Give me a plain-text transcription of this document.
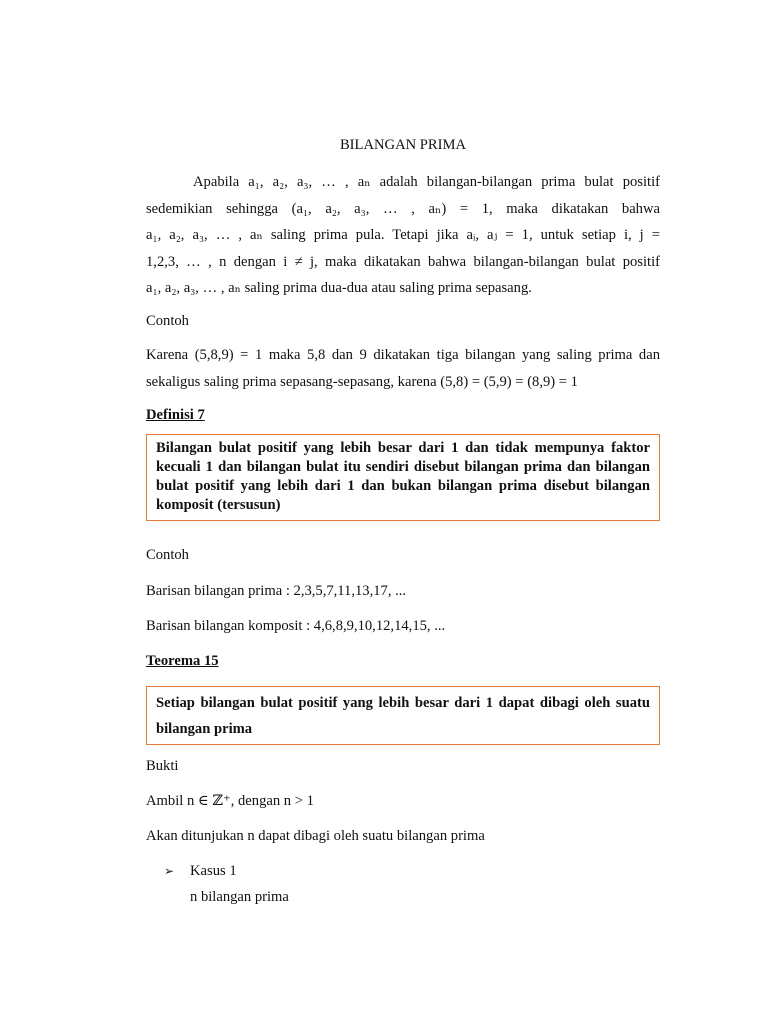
BILANGAN PRIMA
Apabila a₁, a₂, a₃, … , aₙ adalah bilangan-bilangan prima bulat positif
sedemikian sehingga (a₁, a₂, a₃, … , aₙ) = 1, maka dikatakan bahwa
a₁, a₂, a₃, … , aₙ saling prima pula. Tetapi jika aᵢ, aⱼ = 1, untuk setiap i, j =
1,2,3, … , n dengan i ≠ j, maka dikatakan bahwa bilangan-bilangan bulat positif
a₁, a₂, a₃, … , aₙ saling prima dua-dua atau saling prima sepasang.
Contoh
Karena (5,8,9) = 1 maka 5,8 dan 9 dikatakan tiga bilangan yang saling prima dan
sekaligus saling prima sepasang-sepasang, karena (5,8) = (5,9) = (8,9) = 1
Definisi 7
Bilangan bulat positif yang lebih besar dari 1 dan tidak mempunya faktor kecuali 1 dan bilangan bulat itu sendiri disebut bilangan prima dan bilangan bulat positif yang lebih dari 1 dan bukan bilangan prima disebut bilangan komposit (tersusun)
Contoh
Barisan bilangan prima : 2,3,5,7,11,13,17, ...
Barisan bilangan komposit : 4,6,8,9,10,12,14,15, ...
Teorema 15
Setiap bilangan bulat positif yang lebih besar dari 1 dapat dibagi oleh suatu bilangan prima
Bukti
Ambil n ∈ ℤ⁺, dengan n > 1
Akan ditunjukan n dapat dibagi oleh suatu bilangan prima
➢ Kasus 1
n bilangan prima
